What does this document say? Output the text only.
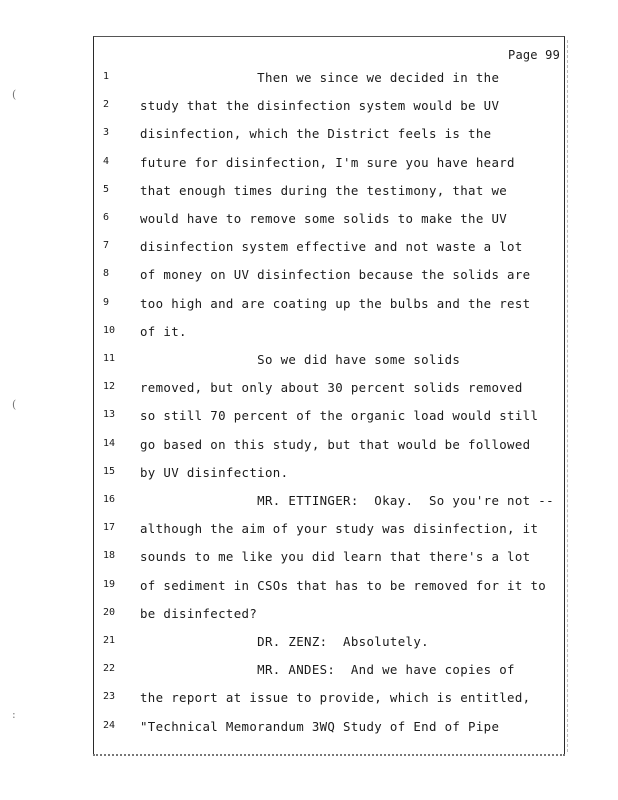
(
(
:
Page 99
1	Then we since we decided in the
2	study that the disinfection system would be UV
3	disinfection, which the District feels is the
4	future for disinfection, I'm sure you have heard
5	that enough times during the testimony, that we
6	would have to remove some solids to make the UV
7	disinfection system effective and not waste a lot
8	of money on UV disinfection because the solids are
9	too high and are coating up the bulbs and the rest
10	of it.
11	So we did have some solids
12	removed, but only about 30 percent solids removed
13	so still 70 percent of the organic load would still
14	go based on this study, but that would be followed
15	by UV disinfection.
16	MR. ETTINGER:  Okay.  So you're not --
17	although the aim of your study was disinfection, it
18	sounds to me like you did learn that there's a lot
19	of sediment in CSOs that has to be removed for it to
20	be disinfected?
21	DR. ZENZ:  Absolutely.
22	MR. ANDES:  And we have copies of
23	the report at issue to provide, which is entitled,
24	"Technical Memorandum 3WQ Study of End of Pipe
